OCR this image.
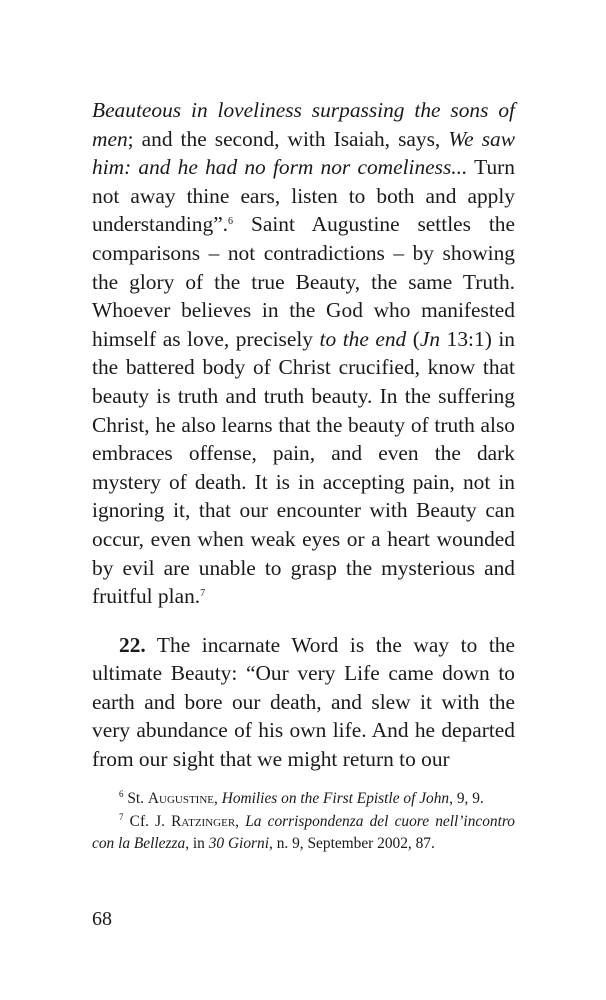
Beauteous in loveliness surpassing the sons of men; and the second, with Isaiah, says, We saw him: and he had no form nor comeliness... Turn not away thine ears, listen to both and apply understanding”.$^6$ Saint Augustine settles the comparisons – not contradictions – by showing the glory of the true Beauty, the same Truth. Whoever believes in the God who manifested himself as love, precisely to the end (Jn 13:1) in the battered body of Christ crucified, know that beauty is truth and truth beauty. In the suffering Christ, he also learns that the beauty of truth also embraces offense, pain, and even the dark mystery of death. It is in accepting pain, not in ignoring it, that our encounter with Beauty can occur, even when weak eyes or a heart wounded by evil are unable to grasp the mysterious and fruitful plan.$^7$

22. The incarnate Word is the way to the ultimate Beauty: “Our very Life came down to earth and bore our death, and slew it with the very abundance of his own life. And he departed from our sight that we might return to our

$^6$ St. Augustine, Homilies on the First Epistle of John, 9, 9.

$^7$ Cf. J. Ratzinger, La corrispondenza del cuore nell’incontro con la Bellezza, in 30 Giorni, n. 9, September 2002, 87.

68
